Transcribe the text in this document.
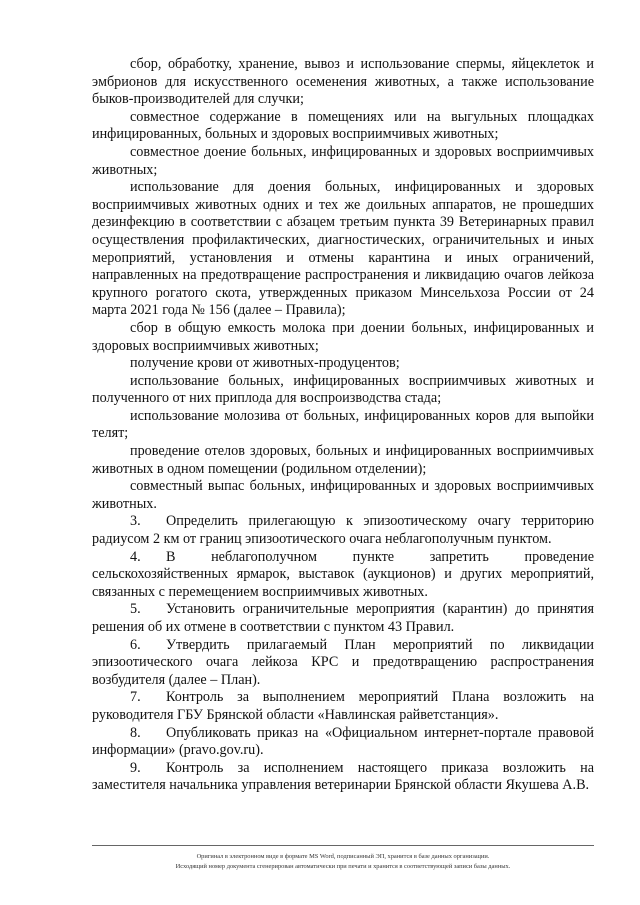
сбор, обработку, хранение, вывоз и использование спермы, яйцеклеток и эмбрионов для искусственного осеменения животных, а также использование быков-производителей для случки;

совместное содержание в помещениях или на выгульных площадках инфицированных, больных и здоровых восприимчивых животных;

совместное доение больных, инфицированных и здоровых восприимчивых животных;

использование для доения больных, инфицированных и здоровых восприимчивых животных одних и тех же доильных аппаратов, не прошедших дезинфекцию в соответствии с абзацем третьим пункта 39 Ветеринарных правил осуществления профилактических, диагностических, ограничительных и иных мероприятий, установления и отмены карантина и иных ограничений, направленных на предотвращение распространения и ликвидацию очагов лейкоза крупного рогатого скота, утвержденных приказом Минсельхоза России от 24 марта 2021 года № 156 (далее – Правила);

сбор в общую емкость молока при доении больных, инфицированных и здоровых восприимчивых животных;

получение крови от животных-продуцентов;

использование больных, инфицированных восприимчивых животных и полученного от них приплода для воспроизводства стада;

использование молозива от больных, инфицированных коров для выпойки телят;

проведение отелов здоровых, больных и инфицированных восприимчивых животных в одном помещении (родильном отделении);

совместный выпас больных, инфицированных и здоровых восприимчивых животных.

3. Определить прилегающую к эпизоотическому очагу территорию радиусом 2 км от границ эпизоотического очага неблагополучным пунктом.

4. В неблагополучном пункте запретить проведение сельскохозяйственных ярмарок, выставок (аукционов) и других мероприятий, связанных с перемещением восприимчивых животных.

5. Установить ограничительные мероприятия (карантин) до принятия решения об их отмене в соответствии с пунктом 43 Правил.

6. Утвердить прилагаемый План мероприятий по ликвидации эпизоотического очага лейкоза КРС и предотвращению распространения возбудителя (далее – План).

7. Контроль за выполнением мероприятий Плана возложить на руководителя ГБУ Брянской области «Навлинская райветстанция».

8. Опубликовать приказ на «Официальном интернет-портале правовой информации» (pravo.gov.ru).

9. Контроль за исполнением настоящего приказа возложить на заместителя начальника управления ветеринарии Брянской области Якушева А.В.

Оригинал в электронном виде в формате MS Word, подписанный ЭП, хранится в базе данных организации.

Исходящий номер документа сгенерирован автоматически при печати и хранится в соответствующей записи базы данных.
